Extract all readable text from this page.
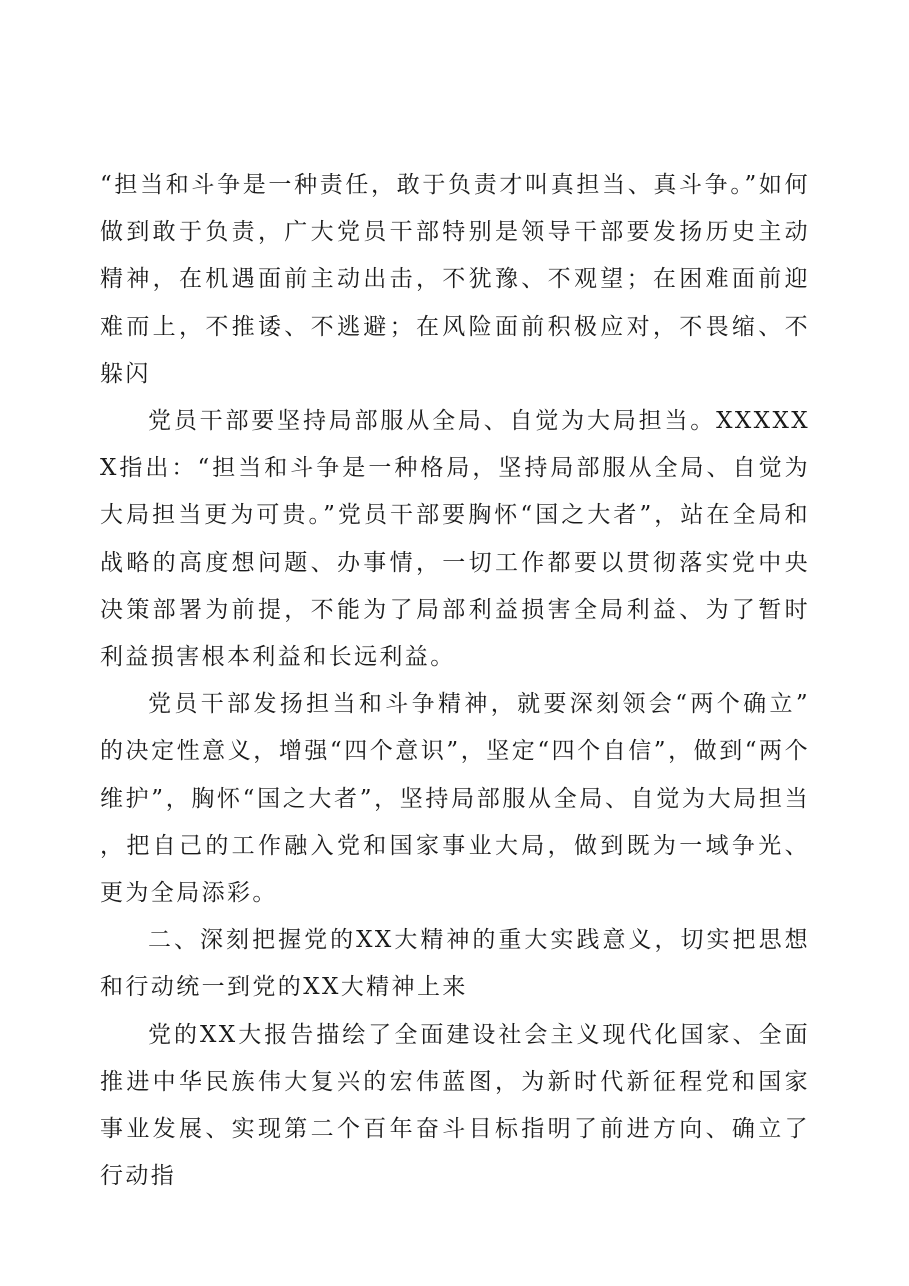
“担当和斗争是一种责任，敢于负责才叫真担当、真斗争。”如何做到敢于负责，广大党员干部特别是领导干部要发扬历史主动精神，在机遇面前主动出击，不犹豫、不观望；在困难面前迎难而上，不推诿、不逃避；在风险面前积极应对，不畏缩、不躲闪

党员干部要坚持局部服从全局、自觉为大局担当。XXXXXX指出：“担当和斗争是一种格局，坚持局部服从全局、自觉为大局担当更为可贵。”党员干部要胸怀“国之大者”，站在全局和战略的高度想问题、办事情，一切工作都要以贯彻落实党中央决策部署为前提，不能为了局部利益损害全局利益、为了暂时利益损害根本利益和长远利益。

党员干部发扬担当和斗争精神，就要深刻领会“两个确立”的决定性意义，增强“四个意识”，坚定“四个自信”，做到“两个维护”，胸怀“国之大者”，坚持局部服从全局、自觉为大局担当，把自己的工作融入党和国家事业大局，做到既为一域争光、更为全局添彩。

二、深刻把握党的XX大精神的重大实践意义，切实把思想和行动统一到党的XX大精神上来

党的XX大报告描绘了全面建设社会主义现代化国家、全面推进中华民族伟大复兴的宏伟蓝图，为新时代新征程党和国家事业发展、实现第二个百年奋斗目标指明了前进方向、确立了行动指
